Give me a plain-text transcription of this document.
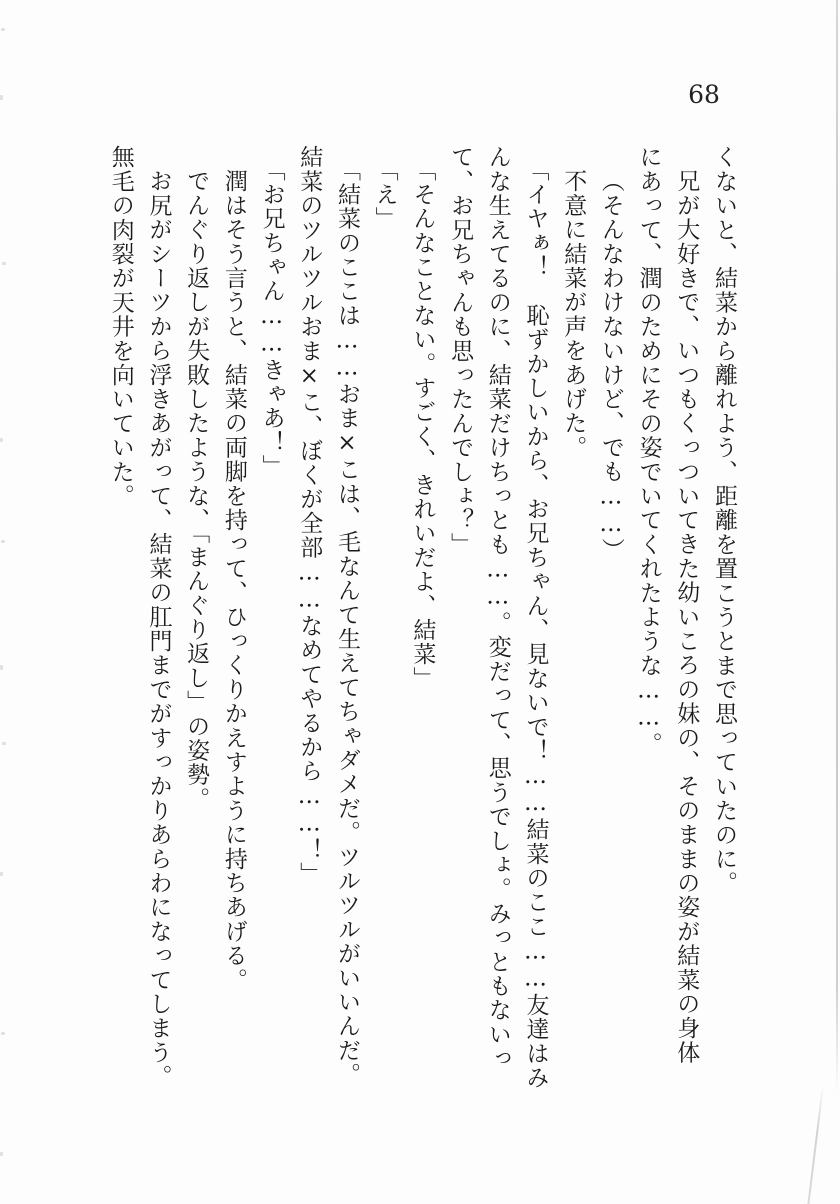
68

くないと、結菜から離れよう、距離を置こうとまで思っていたのに。

兄が大好きで、いつもくっついてきた幼いころの妹の、そのままの姿が結菜の身体
にあって、潤のためにその姿でいてくれたような……。

（そんなわけないけど、でも……）

不意に結菜が声をあげた。

「イヤぁ！　恥ずかしいから、お兄ちゃん、見ないで！……結菜のここ……友達はみ
んな生えてるのに、結菜だけちっとも……。変だって、思うでしょ。みっともないっ
て、お兄ちゃんも思ったんでしょ？」

「そんなことない。すごく、きれいだよ、結菜」

「え」

「結菜のここは……おま×こは、毛なんて生えてちゃダメだ。ツルツルがいいんだ。
結菜のツルツルおま×こ、ぼくが全部……なめてやるから……！」

「お兄ちゃん……きゃあ！」

潤はそう言うと、結菜の両脚を持って、ひっくりかえすように持ちあげる。

でんぐり返しが失敗したような、「まんぐり返し」の姿勢。

お尻がシーツから浮きあがって、結菜の肛門までがすっかりあらわになってしまう。
無毛の肉裂が天井を向いていた。
